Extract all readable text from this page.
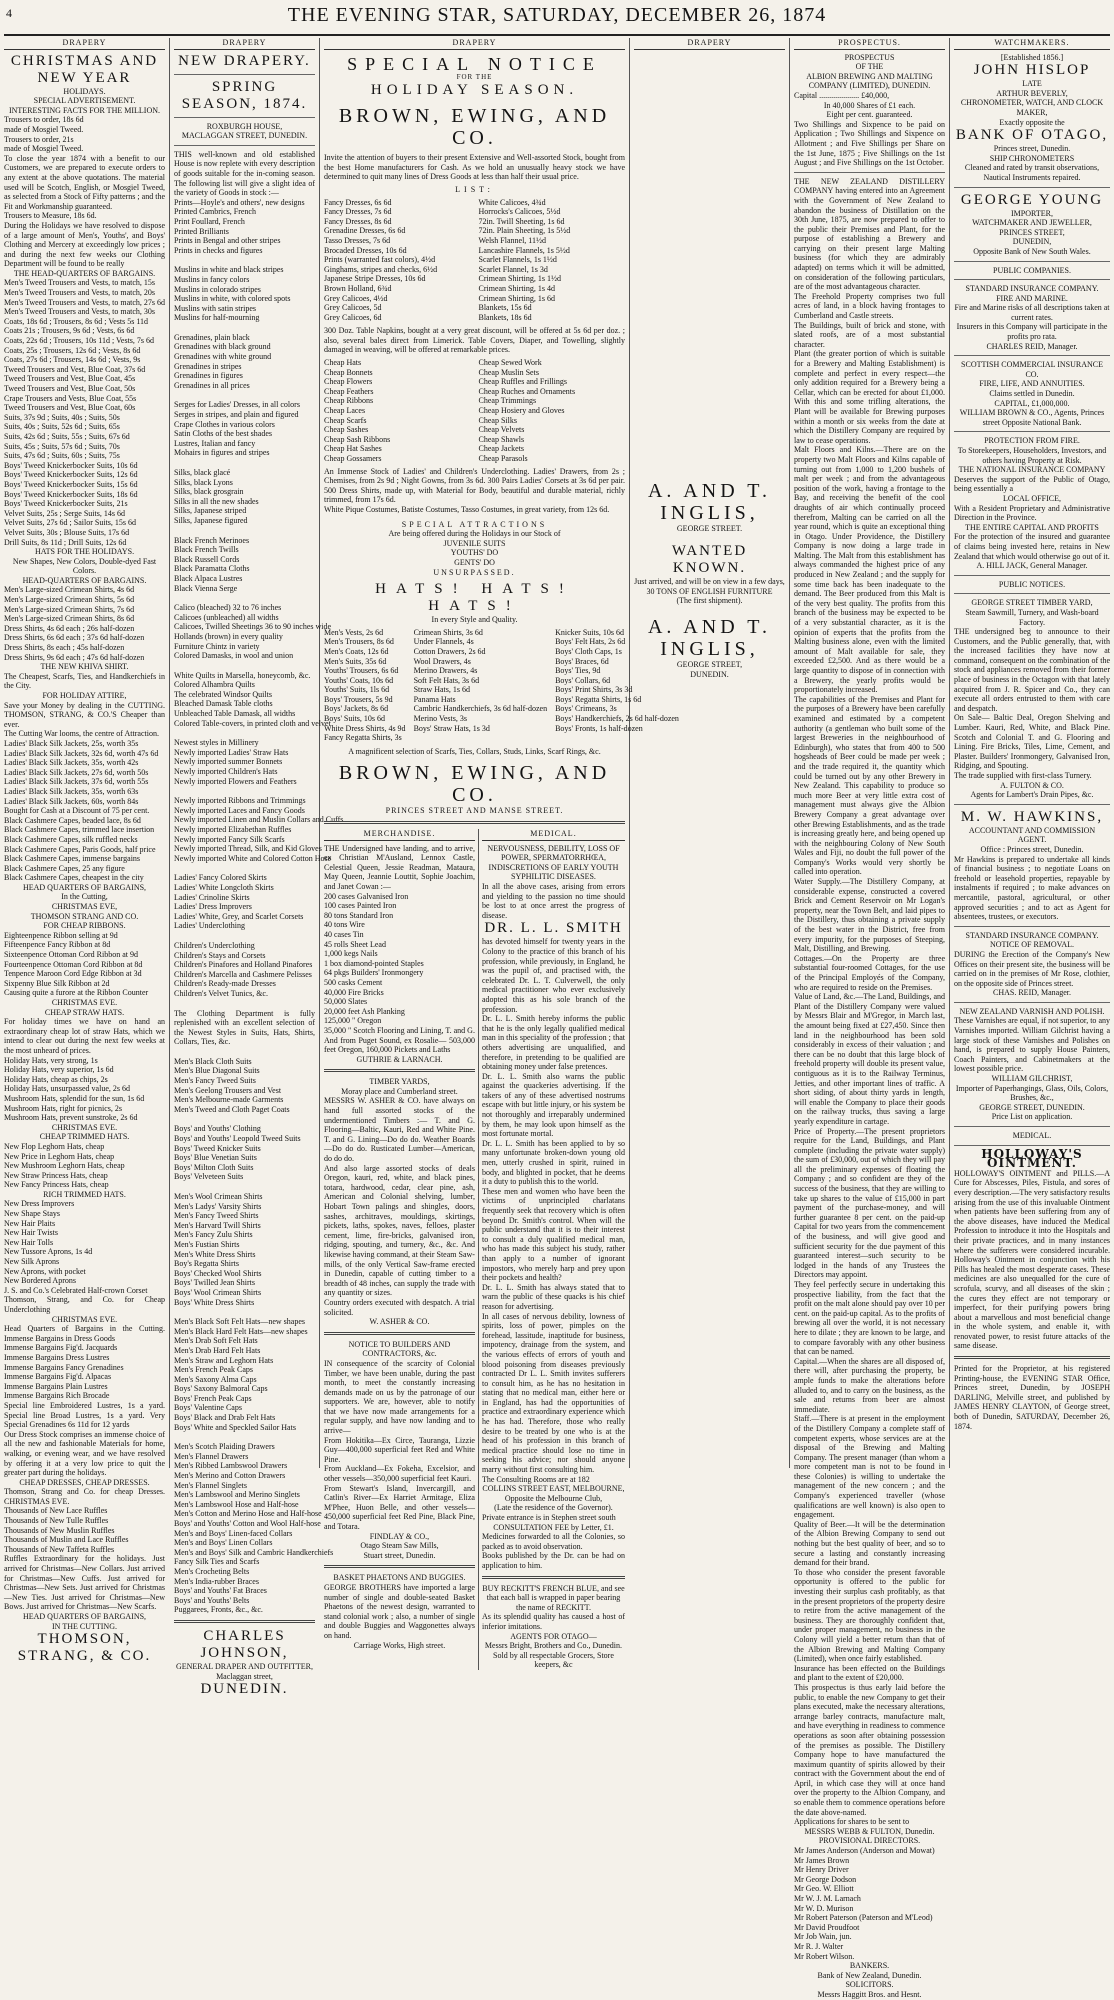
4	THE EVENING STAR, SATURDAY, DECEMBER 26, 1874
DRAPERY
CHRISTMAS AND NEW YEAR
HOLIDAYS.
SPECIAL ADVERTISEMENT.
INTERESTING FACTS FOR THE MILLION.
Trousers to order, 18s 6d
made of Mosgiel Tweed.
Trousers to order, 21s
made of Mosgiel Tweed.
To close the year 1874 with a benefit to our Customers, we are prepared to execute orders to any extent at the above quotations. The material used will be Scotch, English, or Mosgiel Tweed, as selected from a Stock of Fifty patterns ; and the Fit and Workmanship guaranteed.
Trousers to Measure, 18s 6d.
During the Holidays we have resolved to dispose of a large amount of Men's, Youths', and Boys' Clothing and Mercery at exceedingly low prices ; and during the next few weeks our Clothing Department will be found to be really
THE HEAD-QUARTERS OF BARGAINS.
Men's Tweed Trousers and Vests, to match, 15s
Men's Tweed Trousers and Vests, to match, 20s
Men's Tweed Trousers and Vests, to match, 27s 6d
Men's Tweed Trousers and Vests, to match, 30s
Coats, 18s 6d ; Trousers, 8s 6d ; Vests 5s 11d
Coats 21s ; Trousers, 9s 6d ; Vests, 6s 6d
Coats, 22s 6d ; Trousers, 10s 11d ; Vests, 7s 6d
Coats, 25s ; Trousers, 12s 6d ; Vests, 8s 6d
Coats, 27s 6d ; Trousers, 14s 6d ; Vests, 9s
Tweed Trousers and Vest, Blue Coat, 37s 6d
Tweed Trousers and Vest, Blue Coat, 45s
Tweed Trousers and Vest, Blue Coat, 50s
Crape Trousers and Vests, Blue Coat, 55s
Tweed Trousers and Vest, Blue Coat, 60s
Suits, 37s 9d ; Suits, 40s ; Suits, 50s
Suits, 40s ; Suits, 52s 6d ; Suits, 65s
Suits, 42s 6d ; Suits, 55s ; Suits, 67s 6d
Suits, 45s ; Suits, 57s 6d ; Suits, 70s
Suits, 47s 6d ; Suits, 60s ; Suits, 75s
Boys' Tweed Knickerbocker Suits, 10s 6d
Boys' Tweed Knickerbocker Suits, 12s 6d
Boys' Tweed Knickerbocker Suits, 15s 6d
Boys' Tweed Knickerbocker Suits, 18s 6d
Boys' Tweed Knickerbocker Suits, 21s
Velvet Suits, 25s ; Serge Suits, 14s 6d
Velvet Suits, 27s 6d ; Sailor Suits, 15s 6d
Velvet Suits, 30s ; Blouse Suits, 17s 6d
Drill Suits, 8s 11d ; Drill Suits, 12s 6d
HATS FOR THE HOLIDAYS.
New Shapes, New Colors, Double-dyed Fast Colors.
HEAD-QUARTERS OF BARGAINS.
Men's Large-sized Crimean Shirts, 4s 6d
Men's Large-sized Crimean Shirts, 5s 6d
Men's Large-sized Crimean Shirts, 7s 6d
Men's Large-sized Crimean Shirts, 8s 6d
Dress Shirts, 4s 6d each ; 26s half-dozen
Dress Shirts, 6s 6d each ; 37s 6d half-dozen
Dress Shirts, 8s each ; 45s half-dozen
Dress Shirts, 9s 6d each ; 47s 6d half-dozen
THE NEW KHIVA SHIRT.
The Cheapest, Scarfs, Ties, and Handkerchiefs in the City.
FOR HOLIDAY ATTIRE,
Save your Money by dealing in the CUTTING. THOMSON, STRANG, & CO.'S Cheaper than ever.
The Cutting War looms, the centre of Attraction.
Ladies' Black Silk Jackets, 25s, worth 35s
Ladies' Black Silk Jackets, 32s 6d, worth 47s 6d
Ladies' Black Silk Jackets, 35s, worth 42s
Ladies' Black Silk Jackets, 27s 6d, worth 50s
Ladies' Black Silk Jackets, 37s 6d, worth 55s
Ladies' Black Silk Jackets, 35s, worth 63s
Ladies' Black Silk Jackets, 60s, worth 84s
Bought for Cash at a Discount of 75 per cent.
Black Cashmere Capes, beaded lace, 8s 6d
Black Cashmere Capes, trimmed lace insertion
Black Cashmere Capes, silk ruffled necks
Black Cashmere Capes, Paris Goods, half price
Black Cashmere Capes, immense bargains
Black Cashmere Capes, 25 any figure
Black Cashmere Capes, cheapest in the city
HEAD QUARTERS OF BARGAINS,
In the Cutting,
CHRISTMAS EVE,
THOMSON STRANG AND CO.
FOR CHEAP RIBBONS.
Eighteenpence Ribbon selling at 9d
Fifteenpence Fancy Ribbon at 8d
Sixteenpence Ottoman Cord Ribbon at 9d
Fourteenpence Ottoman Cord Ribbon at 8d
Tenpence Maroon Cord Edge Ribbon at 3d
Sixpenny Blue Silk Ribbon at 2d
Causing quite a furore at the Ribbon Counter
CHRISTMAS EVE.
CHEAP STRAW HATS.
For holiday times we have on hand an extraordinary cheap lot of straw Hats, which we intend to clear out during the next few weeks at the most unheard of prices.
Holiday Hats, very strong, 1s
Holiday Hats, very superior, 1s 6d
Holiday Hats, cheap as chips, 2s
Holiday Hats, unsurpassed value, 2s 6d
Mushroom Hats, splendid for the sun, 1s 6d
Mushroom Hats, right for picnics, 2s
Mushroom Hats, prevent sunstroke, 2s 6d
CHRISTMAS EVE.
CHEAP TRIMMED HATS.
New Flop Leghorn Hats, cheap
New Price in Leghorn Hats, cheap
New Mushroom Leghorn Hats, cheap
New Straw Princess Hats, cheap
New Fancy Princess Hats, cheap
RICH TRIMMED HATS.
New Dress Improvers
New Shape Stays
New Hair Plaits
New Hair Twists
New Hair Tolls
New Tussore Aprons, 1s 4d
New Silk Aprons
New Aprons, with pocket
New Bordered Aprons
J. S. and Co.'s Celebrated Half-crown Corset
Thomson, Strang, and Co. for Cheap Underclothing
CHRISTMAS EVE.
Head Quarters of Bargains in the Cutting. Immense Bargains in Dress Goods
Immense Bargains Fig'd. Jacquards
Immense Bargains Dress Lustres
Immense Bargains Fancy Grenadines
Immense Bargains Fig'd. Alpacas
Immense Bargains Plain Lustres
Immense Bargains Rich Brocade
Special line Embroidered Lustres, 1s a yard. Special line Broad Lustres, 1s a yard. Very Special Grenadines 6s 11d for 12 yards
Our Dress Stock comprises an immense choice of all the new and fashionable Materials for home, walking, or evening wear, and we have resolved by offering it at a very low price to quit the greater part during the holidays.
CHEAP DRESSES, CHEAP DRESSES.
Thomson, Strang and Co. for cheap Dresses. CHRISTMAS EVE.
Thousands of New Lace Ruffles
Thousands of New Tulle Ruffles
Thousands of New Muslin Ruffles
Thousands of Muslin and Lace Ruffles
Thousands of New Taffeta Ruffles
Ruffles Extraordinary for the holidays. Just arrived for Christmas—New Collars. Just arrived for Christmas—New Cuffs. Just arrived for Christmas—New Sets. Just arrived for Christmas—New Ties. Just arrived for Christmas—New Bows. Just arrived for Christmas—New Scarfs.
HEAD QUARTERS OF BARGAINS,
IN THE CUTTING.
THOMSON, STRANG, & CO.
DRAPERY
NEW DRAPERY.
SPRING SEASON, 1874.
ROXBURGH HOUSE,
MACLAGGAN STREET, DUNEDIN.
THIS well-known and old established House is now replete with every description of goods suitable for the in-coming season. The following list will give a slight idea of the variety of Goods in stock :—
Prints—Hoyle's and others', new designs
Printed Cambrics, French
Print Foullard, French
Printed Brilliants
Prints in Bengal and other stripes
Prints in checks and figures
Muslins in white and black stripes
Muslins in fancy colors
Muslins in colorado stripes
Muslins in white, with colored spots
Muslins with satin stripes
Muslins for half-mourning
Grenadines, plain black
Grenadines with black ground
Grenadines with white ground
Grenadines in stripes
Grenadines in figures
Grenadines in all prices
Serges for Ladies' Dresses, in all colors
Serges in stripes, and plain and figured
Crape Clothes in various colors
Satin Cloths of the best shades
Lustres, Italian and fancy
Mohairs in figures and stripes
Silks, black glacé
Silks, black Lyons
Silks, black grosgrain
Silks in all the new shades
Silks, Japanese striped
Silks, Japanese figured
Black French Merinoes
Black French Twills
Black Russell Cords
Black Paramatta Cloths
Black Alpaca Lustres
Black Vienna Serge
Calico (bleached) 32 to 76 inches
Calicoes (unbleached) all widths
Calicoes, Twilled Sheetings 36 to 90 inches wide
Hollands (brown) in every quality
Furniture Chintz in variety
Colored Damasks, in wool and union
White Quilts in Marsella, honeycomb, &c.
Colored Alhambra Quilts
The celebrated Windsor Quilts
Bleached Damask Table cloths
Unbleached Table Damask, all widths
Colored Table-covers, in printed cloth and velvet
Newest styles in Millinery
Newly imported Ladies' Straw Hats
Newly imported summer Bonnets
Newly imported Children's Hats
Newly imported Flowers and Feathers
Newly imported Ribbons and Trimmings
Newly imported Laces and Fancy Goods
Newly imported Linen and Muslin Collars and Cuffs
Newly imported Elizabethan Ruffles
Newly imported Fancy Silk Scarfs
Newly imported Thread, Silk, and Kid Gloves
Newly imported White and Colored Cotton Hose
Ladies' Fancy Colored Skirts
Ladies' White Longcloth Skirts
Ladies' Crinoline Skirts
Ladies' Dress Improvers
Ladies' White, Grey, and Scarlet Corsets
Ladies' Underclothing
Children's Underclothing
Children's Stays and Corsets
Children's Pinafores and Holland Pinafores
Children's Marcella and Cashmere Pelisses
Children's Ready-made Dresses
Children's Velvet Tunics, &c.
The Clothing Department is fully replenished with an excellent selection of the Newest Styles in Suits, Hats, Shirts, Collars, Ties, &c.
Men's Black Cloth Suits
Men's Blue Diagonal Suits
Men's Fancy Tweed Suits
Men's Geelong Trousers and Vest
Men's Melbourne-made Garments
Men's Tweed and Cloth Paget Coats
Boys' and Youths' Clothing
Boys' and Youths' Leopold Tweed Suits
Boys' Tweed Knicker Suits
Boys' Blue Venetian Suits
Boys' Milton Cloth Suits
Boys' Velveteen Suits
Men's Wool Crimean Shirts
Men's Ladys' Varsity Shirts
Men's Fancy Tweed Shirts
Men's Harvard Twill Shirts
Men's Fancy Zulu Shirts
Men's Fustian Shirts
Men's White Dress Shirts
Boy's Regatta Shirts
Boys' Checked Wool Shirts
Boys' Twilled Jean Shirts
Boys' Wool Crimean Shirts
Boys' White Dress Shirts
Men's Black Soft Felt Hats—new shapes
Men's Black Hard Felt Hats—new shapes
Men's Drab Soft Felt Hats
Men's Drab Hard Felt Hats
Men's Straw and Leghorn Hats
Men's French Peak Caps
Men's Saxony Alma Caps
Boys' Saxony Balmoral Caps
Boys' French Peak Caps
Boys' Valentine Caps
Boys' Black and Drab Felt Hats
Boys' White and Speckled Sailor Hats
Men's Scotch Plaiding Drawers
Men's Flannel Drawers
Men's Ribbed Lambswool Drawers
Men's Merino and Cotton Drawers
Men's Flannel Singlets
Men's Lambswool and Merino Singlets
Men's Lambswool Hose and Half-hose
Men's Cotton and Merino Hose and Half-hose
Boys' and Youths' Cotton and Wool Half-hose
Men's and Boys' Linen-faced Collars
Men's and Boys' Linen Collars
Men's and Boys' Silk and Cambric Handkerchiefs
Fancy Silk Ties and Scarfs
Men's Crocheting Belts
Men's India-rubber Braces
Boys' and Youths' Fat Braces
Boys' and Youths' Belts
Puggarees, Fronts, &c., &c.
CHARLES JOHNSON,
GENERAL DRAPER AND OUTFITTER,
Maclaggan street,
DUNEDIN.
DRAPERY
SPECIAL NOTICE
FOR THE
HOLIDAY SEASON.
BROWN, EWING, AND CO.
Invite the attention of buyers to their present Extensive and Well-assorted Stock, bought from the best Home manufacturers for Cash. As we hold an unusually heavy stock we have determined to quit many lines of Dress Goods at less than half their usual price.
LIST:
Fancy Dresses, 6s 6d
Fancy Dresses, 7s 6d
Fancy Dresses, 8s 6d
Grenadine Dresses, 6s 6d
Tasso Dresses, 7s 6d
Brocaded Dresses, 10s 6d
Prints (warranted fast colors), 4½d
Ginghams, stripes and checks, 6½d
Japanese Stripe Dresses, 10s 6d
Brown Holland, 6¾d
Grey Calicoes, 4½d
Grey Calicoes, 5d
Grey Calicoes, 6d
White Calicoes, 4¾d
Horrocks's Calicoes, 5½d
72in. Twill Sheeting, 1s 6d
72in. Plain Sheeting, 1s 5½d
Welsh Flannel, 11½d
Lancashire Flannels, 1s 5½d
Scarlet Flannels, 1s 1½d
Scarlet Flannel, 1s 3d
Crimean Shirting, 1s 1½d
Crimean Shirting, 1s 4d
Crimean Shirting, 1s 6d
Blankets, 15s 6d
Blankets, 18s 6d
300 Doz. Table Napkins, bought at a very great discount, will be offered at 5s 6d per doz. ; also, several bales direct from Limerick. Table Covers, Diaper, and Towelling, slightly damaged in weaving, will be offered at remarkable prices.
Cheap Hats
Cheap Bonnets
Cheap Flowers
Cheap Feathers
Cheap Ribbons
Cheap Laces
Cheap Scarfs
Cheap Sashes
Cheap Sash Ribbons
Cheap Hat Sashes
Cheap Gossamers
Cheap Sewed Work
Cheap Muslin Sets
Cheap Ruffles and Frillings
Cheap Ruches and Ornaments
Cheap Trimmings
Cheap Hosiery and Gloves
Cheap Silks
Cheap Velvets
Cheap Shawls
Cheap Jackets
Cheap Parasols
An Immense Stock of Ladies' and Children's Underclothing. Ladies' Drawers, from 2s ; Chemises, from 2s 9d ; Night Gowns, from 3s 6d. 300 Pairs Ladies' Corsets at 3s 6d per pair. 500 Dress Shirts, made up, with Material for Body, beautiful and durable material, richly trimmed, from 17s 6d.
White Pique Costumes, Batiste Costumes, Tasso Costumes, in great variety, from 12s 6d.
SPECIAL ATTRACTIONS
Are being offered during the Holidays in our Stock of
JUVENILE SUITS
YOUTHS' DO
GENTS' DO
UNSURPASSED.
HATS! HATS! HATS!
In every Style and Quality.
Men's Vests, 2s 6d
Men's Trousers, 8s 6d
Men's Coats, 12s 6d
Men's Suits, 35s 6d
Youths' Trousers, 6s 6d
Youths' Coats, 10s 6d
Youths' Suits, 1ls 6d
Boys' Trousers, 5s 9d
Boys' Jackets, 8s 6d
Boys' Suits, 10s 6d
White Dress Shirts, 4s 9d
Fancy Regatta Shirts, 3s
Crimean Shirts, 3s 6d
Under Flannels, 4s
Cotton Drawers, 2s 6d
Wool Drawers, 4s
Merino Drawers, 4s
Soft Felt Hats, 3s 6d
Straw Hats, 1s 6d
Panama Hats
Cambric Handkerchiefs, 3s 6d half-dozen
Merino Vests, 3s
Boys' Straw Hats, 1s 3d
Knicker Suits, 10s 6d
Boys' Felt Hats, 2s 6d
Boys' Cloth Caps, 1s
Boys' Braces, 6d
Boys' Ties, 9d
Boys' Collars, 6d
Boys' Print Shirts, 3s 3d
Boys' Regatta Shirts, 1s 6d
Boys' Crimeans, 3s
Boys' Handkerchiefs, 2s 6d half-dozen
Boys' Fronts, 1s half-dozen
A magnificent selection of Scarfs, Ties, Collars, Studs, Links, Scarf Rings, &c.
BROWN, EWING, AND CO.
PRINCES STREET AND MANSE STREET.
MERCHANDISE.
THE Undersigned have landing, and to arrive, ex Christian M'Ausland, Lennox Castle, Celestial Queen, Jessie Readman, Mataura, May Queen, Jeannie Louttit, Sophie Joachim, and Janet Cowan :—
200 cases Galvanised Iron
100 cases Painted Iron
80 tons Standard Iron
40 tons Wire
40 cases Tin
45 rolls Sheet Lead
1,000 kegs Nails
1 box diamond-pointed Staples
64 pkgs Builders' Ironmongery
500 casks Cement
40,000 Fire Bricks
50,000 Slates
20,000 feet Ash Planking
125,000 " Oregon
35,000 " Scotch Flooring and Lining, T. and G.
And from Puget Sound, ex Rosalie— 503,000 feet Oregon, 160,000 Pickets and Laths
GUTHRIE & LARNACH.
TIMBER YARDS,
Moray place and Cumberland street.
MESSRS W. ASHER & CO. have always on hand full assorted stocks of the undermentioned Timbers :— T. and G. Flooring—Baltic, Kauri, Red and White Pine. T. and G. Lining—Do do do. Weather Boards—Do do do. Rusticated Lumber—American, do do do.
And also large assorted stocks of deals Oregon, kauri, red, white, and black pines, totara, hardwood, cedar, clear pine, ash, American and Colonial shelving, lumber, Hobart Town palings and shingles, doors, sashes, architraves, mouldings, skirtings, pickets, laths, spokes, naves, felloes, plaster cement, lime, fire-bricks, galvanised iron, ridging, spouting, and turnery, &c., &c. And likewise having command, at their Steam Saw-mills, of the only Vertical Saw-frame erected in Dunedin, capable of cutting timber to a breadth of 48 inches, can supply the trade with any quantity or sizes.
Country orders executed with despatch. A trial solicited.
W. ASHER & CO.
NOTICE TO BUILDERS AND CONTRACTORS, &c.
IN consequence of the scarcity of Colonial Timber, we have been unable, during the past month, to meet the constantly increasing demands made on us by the patronage of our supporters. We are, however, able to notify that we have now made arrangements for a regular supply, and have now landing and to arrive—
From Hokitika—Ex Circe, Tauranga, Lizzie Guy—400,000 superficial feet Red and White Pine.
From Auckland—Ex Fokeha, Excelsior, and other vessels—350,000 superficial feet Kauri.
From Stewart's Island, Invercargill, and Catlin's River—Ex Harriet Armitage, Eliza M'Phee, Huon Belle, and other vessels—450,000 superficial feet Red Pine, Black Pine, and Totara.
FINDLAY & CO.,
Otago Steam Saw Mills,
Stuart street, Dunedin.
BASKET PHAETONS AND BUGGIES.
GEORGE BROTHERS have imported a large number of single and double-seated Basket Phaetons of the newest design, warranted to stand colonial work ; also, a number of single and double Buggies and Waggonettes always on hand.
Carriage Works, High street.
MEDICAL.
NERVOUSNESS, DEBILITY, LOSS OF POWER, SPERMATORRHŒA, INDISCRETIONS OF EARLY YOUTH SYPHILITIC DISEASES.
In all the above cases, arising from errors and yielding to the passion no time should be lost to at once arrest the progress of disease.
DR. L. L. SMITH
has devoted himself for twenty years in the Colony to the practice of this branch of his profession, while previously, in England, he was the pupil of, and practised with, the celebrated Dr. L. T. Culverwell, the only medical practitioner who ever exclusively adopted this as his sole branch of the profession.
Dr. L. L. Smith hereby informs the public that he is the only legally qualified medical man in this speciality of the profession ; that others advertising are unqualified, and therefore, in pretending to be qualified are obtaining money under false pretences.
Dr. L. L. Smith also warns the public against the quackeries advertising. If the takers of any of these advertised nostrums escape with but little injury, or his system be not thoroughly and irreparably undermined by them, he may look upon himself as the most fortunate mortal.
Dr. L. L. Smith has been applied to by so many unfortunate broken-down young old men, utterly crushed in spirit, ruined in body, and blighted in pocket, that he deems it a duty to publish this to the world.
These men and women who have been the victims of unprincipled charlatans frequently seek that recovery which is often beyond Dr. Smith's control. When will the public understand that it is to their interest to consult a duly qualified medical man, who has made this subject his study, rather than apply to a number of ignorant impostors, who merely harp and prey upon their pockets and health?
Dr. L. L. Smith has always stated that to warn the public of these quacks is his chief reason for advertising.
In all cases of nervous debility, lowness of spirits, loss of power, pimples on the forehead, lassitude, inaptitude for business, impotency, drainage from the system, and the various effects of errors of youth and blood poisoning from diseases previously contracted Dr L. L. Smith invites sufferers to consult him, as he has no hesitation in stating that no medical man, either here or in England, has had the opportunities of practice and extraordinary experience which he has had. Therefore, those who really desire to be treated by one who is at the head of his profession in this branch of medical practice should lose no time in seeking his advice; nor should anyone marry without first consulting him.
The Consulting Rooms are at 182
COLLINS STREET EAST, MELBOURNE,
Opposite the Melbourne Club,
(Late the residence of the Governor).
Private entrance is in Stephen street south
CONSULTATION FEE by Letter, £1.
Medicines forwarded to all the Colonies, so packed as to avoid observation.
Books published by the Dr. can be had on application to him.
BUY RECKITT'S FRENCH BLUE, and see that each ball is wrapped in paper bearing the name of RECKITT.
As its splendid quality has caused a host of inferior imitations.
AGENTS FOR OTAGO—
Messrs Bright, Brothers and Co., Dunedin.
Sold by all respectable Grocers, Store keepers, &c
DRAPERY
A. AND T. INGLIS,
GEORGE STREET.
WANTED KNOWN.
Just arrived, and will be on view in a few days,
30 TONS OF ENGLISH FURNITURE
(The first shipment).
A. AND T. INGLIS,
GEORGE STREET,
DUNEDIN.
PROSPECTUS.
PROSPECTUS
OF THE
ALBION BREWING AND MALTING COMPANY (LIMITED), DUNEDIN.
Capital .................... £40,000,
In 40,000 Shares of £1 each.
Eight per cent. guaranteed.
Two Shillings and Sixpence to be paid on Application ; Two Shillings and Sixpence on Allotment ; and Five Shillings per Share on the 1st June, 1875 ; Five Shillings on the 1st August ; and Five Shillings on the 1st October.
THE NEW ZEALAND DISTILLERY COMPANY having entered into an Agreement with the Government of New Zealand to abandon the business of Distillation on the 30th June, 1875, are now prepared to offer to the public their Premises and Plant, for the purpose of establishing a Brewery and carrying on their present large Malting business (for which they are admirably adapted) on terms which it will be admitted, on consideration of the following particulars, are of the most advantageous character.
The Freehold Property comprises two full acres of land, in a block having frontages to Cumberland and Castle streets.
The Buildings, built of brick and stone, with slated roofs, are of a most substantial character.
Plant (the greater portion of which is suitable for a Brewery and Malting Establishment) is complete and perfect in every respect—the only addition required for a Brewery being a Cellar, which can be erected for about £1,000. With this and some trifling alterations, the Plant will be available for Brewing purposes within a month or six weeks from the date at which the Distillery Company are required by law to cease operations.
Malt Floors and Kilns.—There are on the property two Malt Floors and Kilns capable of turning out from 1,000 to 1,200 bushels of malt per week ; and from the advantageous position of the work, having a frontage to the Bay, and receiving the benefit of the cool draughts of air which continually proceed therefrom, Malting can be carried on all the year round, which is quite an exceptional thing in Otago. Under Providence, the Distillery Company is now doing a large trade in Malting. The Malt from this establishment has always commanded the highest price of any produced in New Zealand ; and the supply for some time back has been inadequate to the demand. The Beer produced from this Malt is of the very best quality. The profits from this branch of the business may be expected to be of a very substantial character, as it is the opinion of experts that the profits from the Malting business alone, even with the limited amount of Malt available for sale, they exceeded £2,500. And as there would be a large quantity to dispose of in connection with a Brewery, the yearly profits would be proportionately increased.
The capabilities of the Premises and Plant for the purposes of a Brewery have been carefully examined and estimated by a competent authority (a gentleman who built some of the largest Breweries in the neighbourhood of Edinburgh), who states that from 400 to 500 hogsheads of Beer could be made per week ; and the trade required it, the quantity which could be turned out by any other Brewery in New Zealand. This capability to produce so much more Beer at very little extra cost of management must always give the Albion Brewery Company a great advantage over other Brewing Establishments, and as the trade is increasing greatly here, and being opened up with the neighbouring Colony of New South Wales and Fiji, no doubt the full power of the Company's Works would very shortly be called into operation.
Water Supply.—The Distillery Company, at considerable expense, constructed a covered Brick and Cement Reservoir on Mr Logan's property, near the Town Belt, and laid pipes to the Distillery, thus obtaining a private supply of the best water in the District, free from every impurity, for the purposes of Steeping, Malt, Distilling, and Brewing.
Cottages.—On the Property are three substantial four-roomed Cottages, for the use of the Principal Employés of the Company, who are required to reside on the Premises.
Value of Land, &c.—The Land, Buildings, and Plant of the Distillery Company were valued by Messrs Blair and M'Gregor, in March last, the amount being fixed at £27,450. Since then land in the neighbourhood has been sold considerably in excess of their valuation ; and there can be no doubt that this large block of freehold property will double its present value, contiguous as it is to the Railway Terminus, Jetties, and other important lines of traffic. A short siding, of about thirty yards in length, will enable the Company to place their goods on the railway trucks, thus saving a large yearly expenditure in cartage.
Price of Property.—The present proprietors require for the Land, Buildings, and Plant complete (including the private water supply) the sum of £30,000, out of which they will pay all the preliminary expenses of floating the Company ; and so confident are they of the success of the business, that they are willing to take up shares to the value of £15,000 in part payment of the purchase-money, and will further guarantee 8 per cent. on the paid-up Capital for two years from the commencement of the business, and will give good and sufficient security for the due payment of this guaranteed interest—such security to be lodged in the hands of any Trustees the Directors may appoint.
They feel perfectly secure in undertaking this prospective liability, from the fact that the profit on the malt alone should pay over 10 per cent. on the paid-up capital. As to the profits of brewing all over the world, it is not necessary here to dilate ; they are known to be large, and to compare favorably with any other business that can be named.
Capital.—When the shares are all disposed of, there will, after purchasing the property, be ample funds to make the alterations before alluded to, and to carry on the business, as the sale and returns from beer are almost immediate.
Staff.—There is at present in the employment of the Distillery Company a complete staff of competent experts, whose services are at the disposal of the Brewing and Malting Company. The present manager (than whom a more competent man is not to be found in these Colonies) is willing to undertake the management of the new concern ; and the Company's experienced traveller (whose qualifications are well known) is also open to engagement.
Quality of Beer.—It will be the determination of the Albion Brewing Company to send out nothing but the best quality of beer, and so to secure a lasting and constantly increasing demand for their brand.
To those who consider the present favorable opportunity is offered to the public for investing their surplus cash profitably, as that in the present proprietors of the property desire to retire from the active management of the business. They are thoroughly confident that, under proper management, no business in the Colony will yield a better return than that of the Albion Brewing and Malting Company (Limited), when once fairly established.
Insurance has been effected on the Buildings and plant to the extent of £20,000.
This prospectus is thus early laid before the public, to enable the new Company to get their plans executed, make the necessary alterations, arrange barley contracts, manufacture malt, and have everything in readiness to commence operations as soon after obtaining possession of the premises as possible. The Distillery Company hope to have manufactured the maximum quantity of spirits allowed by their contract with the Government about the end of April, in which case they will at once hand over the property to the Albion Company, and so enable them to commence operations before the date above-named.
Applications for shares to be sent to
MESSRS WEBB & FULTON, Dunedin.
PROVISIONAL DIRECTORS.
Mr James Anderson (Anderson and Mowat)
Mr James Brown
Mr Henry Driver
Mr George Dodson
Mr Geo. W. Elliott
Mr W. J. M. Larnach
Mr W. D. Murison
Mr Robert Paterson (Paterson and M'Leod)
Mr David Proudfoot
Mr Job Wain, jun.
Mr R. J. Walter
Mr Robert Wilson.
BANKERS.
Bank of New Zealand, Dunedin.
SOLICITORS.
Messrs Haggitt Bros. and Hesnt.
WATCHMAKERS.
[Established 1856.]
JOHN HISLOP
LATE
ARTHUR BEVERLY,
CHRONOMETER, WATCH, AND CLOCK MAKER,
Exactly opposite the
BANK OF OTAGO,
Princes street, Dunedin.
SHIP CHRONOMETERS
Cleaned and rated by transit observations, Nautical Instruments repaired.
GEORGE YOUNG
IMPORTER,
WATCHMAKER AND JEWELLER,
PRINCES STREET,
DUNEDIN,
Opposite Bank of New South Wales.
PUBLIC COMPANIES.
STANDARD INSURANCE COMPANY.
FIRE AND MARINE.
Fire and Marine risks of all descriptions taken at current rates.
Insurers in this Company will participate in the profits pro rata.
CHARLES REID, Manager.
SCOTTISH COMMERCIAL INSURANCE CO.
FIRE, LIFE, AND ANNUITIES.
Claims settled in Dunedin.
CAPITAL, £1,000,000.
WILLIAM BROWN & CO., Agents, Princes street Opposite National Bank.
PROTECTION FROM FIRE.
To Storekeepers, Householders, Investors, and others having Property at Risk.
THE NATIONAL INSURANCE COMPANY
Deserves the support of the Public of Otago, being essentially a
LOCAL OFFICE,
With a Resident Proprietary and Administrative Direction in the Province.
THE ENTIRE CAPITAL AND PROFITS
For the protection of the insured and guarantee of claims being invested here, retains in New Zealand that which would otherwise go out of it.
A. HILL JACK, General Manager.
PUBLIC NOTICES.
GEORGE STREET TIMBER YARD,
Steam Sawmill, Turnery, and Wash-board Factory.
THE undersigned beg to announce to their Customers, and the Public generally, that, with the increased facilities they have now at command, consequent on the combination of the stock and appliances removed from their former place of business in the Octagon with that lately acquired from J. R. Spicer and Co., they can execute all orders entrusted to them with care and despatch.
On Sale— Baltic Deal, Oregon Shelving and Lumber. Kauri, Red, White, and Black Pine. Scotch and Colonial T. and G. Flooring and Lining. Fire Bricks, Tiles, Lime, Cement, and Plaster. Builders' Ironmongery, Galvanised Iron, Ridging, and Spouting.
The trade supplied with first-class Turnery.
A. FULTON & CO.
Agents for Lambert's Drain Pipes, &c.
M. W. HAWKINS,
ACCOUNTANT AND COMMISSION AGENT.
Office : Princes street, Dunedin.
Mr Hawkins is prepared to undertake all kinds of financial business ; to negotiate Loans on freehold or leasehold properties, repayable by instalments if required ; to make advances on mercantile, pastoral, agricultural, or other approved securities ; and to act as Agent for absentees, trustees, or executors.
STANDARD INSURANCE COMPANY.
NOTICE OF REMOVAL.
DURING the Erection of the Company's New Offices on their present site, the business will be carried on in the premises of Mr Rose, clothier, on the opposite side of Princes street.
CHAS. REID, Manager.
NEW ZEALAND VARNISH AND POLISH.
These Varnishes are equal, if not superior, to any Varnishes imported. William Gilchrist having a large stock of these Varnishes and Polishes on hand, is prepared to supply House Painters, Coach Painters, and Cabinetmakers at the lowest possible price.
WILLIAM GILCHRIST,
Importer of Paperhangings, Glass, Oils, Colors, Brushes, &c.,
GEORGE STREET, DUNEDIN.
Price List on application.
MEDICAL.
HOLLOWAY'S OINTMENT.
HOLLOWAY'S OINTMENT and PILLS.—A Cure for Abscesses, Piles, Fistula, and sores of every description.—The very satisfactory results arising from the use of this invaluable Ointment when patients have been suffering from any of the above diseases, have induced the Medical Profession to introduce it into the Hospitals and their private practices, and in many instances where the sufferers were considered incurable. Holloway's Ointment in conjunction with his Pills has healed the most desperate cases. These medicines are also unequalled for the cure of scrofula, scurvy, and all diseases of the skin ; the cures they effect are not temporary or imperfect, for their purifying powers bring about a marvellous and most beneficial change in the whole system, and enable it, with renovated power, to resist future attacks of the same disease.
Printed for the Proprietor, at his registered Printing-house, the EVENING STAR Office, Princes street, Dunedin, by JOSEPH DARLING, Melville street, and published by JAMES HENRY CLAYTON, of George street, both of Dunedin, SATURDAY, December 26, 1874.
